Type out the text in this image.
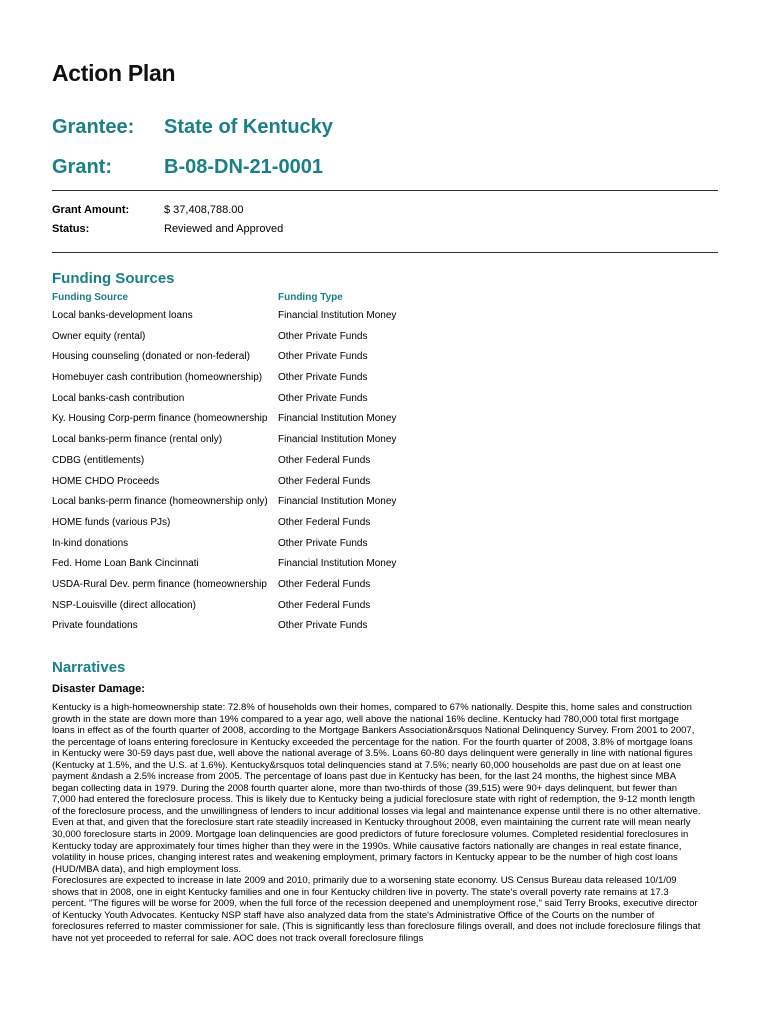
Action Plan
Grantee: State of Kentucky
Grant:	B-08-DN-21-0001
Grant Amount:	$ 37,408,788.00
Status:	Reviewed and Approved
Funding Sources
Funding Source	Funding Type
Local banks-development loans	Financial Institution Money
Owner equity (rental)	Other Private Funds
Housing counseling (donated or non-federal)	Other Private Funds
Homebuyer cash contribution (homeownership)	Other Private Funds
Local banks-cash contribution	Other Private Funds
Ky. Housing Corp-perm finance (homeownership	Financial Institution Money
Local banks-perm finance (rental only)	Financial Institution Money
CDBG (entitlements)	Other Federal Funds
HOME CHDO Proceeds	Other Federal Funds
Local banks-perm finance (homeownership only)	Financial Institution Money
HOME funds (various PJs)	Other Federal Funds
In-kind donations	Other Private Funds
Fed. Home Loan Bank Cincinnati	Financial Institution Money
USDA-Rural Dev. perm finance (homeownership	Other Federal Funds
NSP-Louisville (direct allocation)	Other Federal Funds
Private foundations	Other Private Funds
Narratives
Disaster Damage:

Kentucky is a high-homeownership state: 72.8% of households own their homes, compared to 67% nationally. Despite this, home sales and construction growth in the state are down more than 19% compared to a year ago, well above the national 16% decline. Kentucky had 780,000 total first mortgage loans in effect as of the fourth quarter of 2008, according to the Mortgage Bankers Association&rsquos National Delinquency Survey. From 2001 to 2007, the percentage of loans entering foreclosure in Kentucky exceeded the percentage for the nation. For the fourth quarter of 2008, 3.8% of mortgage loans in Kentucky were 30-59 days past due, well above the national average of 3.5%. Loans 60-80 days delinquent were generally in line with national figures (Kentucky at 1.5%, and the U.S. at 1.6%). Kentucky&rsquos total delinquencies stand at 7.5%; nearly 60,000 households are past due on at least one payment &ndash a 2.5% increase from 2005. The percentage of loans past due in Kentucky has been, for the last 24 months, the highest since MBA began collecting data in 1979. During the 2008 fourth quarter alone, more than two-thirds of those (39,515) were 90+ days delinquent, but fewer than 7,000 had entered the foreclosure process. This is likely due to Kentucky being a judicial foreclosure state with right of redemption, the 9-12 month length of the foreclosure process, and the unwillingness of lenders to incur additional losses via legal and maintenance expense until there is no other alternative. Even at that, and given that the foreclosure start rate steadily increased in Kentucky throughout 2008, even maintaining the current rate will mean nearly 30,000 foreclosure starts in 2009. Mortgage loan delinquencies are good predictors of future foreclosure volumes. Completed residential foreclosures in Kentucky today are approximately four times higher than they were in the 1990s. While causative factors nationally are changes in real estate finance, volatility in house prices, changing interest rates and weakening employment, primary factors in Kentucky appear to be the number of high cost loans (HUD/MBA data), and high employment loss.

Foreclosures are expected to increase in late 2009 and 2010, primarily due to a worsening state economy. US Census Bureau data released 10/1/09 shows that in 2008, one in eight Kentucky families and one in four Kentucky children live in poverty. The state's overall poverty rate remains at 17.3 percent. "The figures will be worse for 2009, when the full force of the recession deepened and unemployment rose," said Terry Brooks, executive director of Kentucky Youth Advocates. Kentucky NSP staff have also analyzed data from the state's Administrative Office of the Courts on the number of foreclosures referred to master commissioner for sale. (This is significantly less than foreclosure filings overall, and does not include foreclosure filings that have not yet proceeded to referral for sale. AOC does not track overall foreclosure filings
